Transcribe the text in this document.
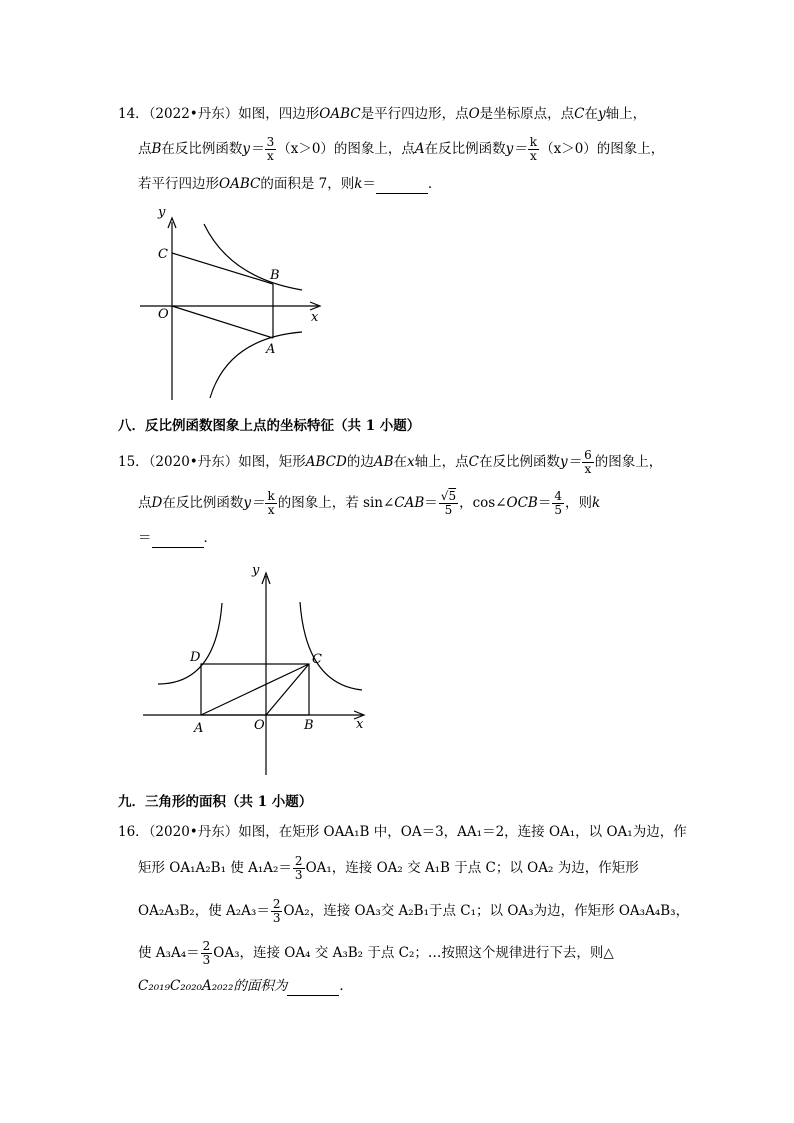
14．（2022•丹东）如图，四边形OABC是平行四边形，点O是坐标原点，点C在y轴上，
点B在反比例函数$y= \frac{3}{x} (x>0)$的图象上，点A在反比例函数$y= \frac{k}{x} (x>0)$的图象上，
若平行四边形OABC的面积是 7，则k＝	．
y
x
C
O
B
A
八．反比例函数图象上点的坐标特征（共 1 小题）
15．（2020•丹东）如图，矩形ABCD的边AB在x轴上，点C在反比例函数$y= \frac{6}{x}$ 的图象上，
点D在反比例函数$y= \frac{k}{x}$ 的图象上，若 sin∠CAB＝ $\frac{√5}{5}$ ，cos∠OCB＝ $\frac{4}{5}$ ，则k
＝	．
y
x
D	C
A	O	B
九．三角形的面积（共 1 小题）
16．（2020•丹东）如图，在矩形 OAA₁B 中，OA＝3，AA₁＝2，连接 OA₁，以 OA₁为边，作
矩形 OA₁A₂B₁ 使 $A_1A_2= \frac{2}{3} OA_1$，连接 OA₂ 交 A₁B 于点 C；以 OA₂ 为边，作矩形
OA₂A₃B₂，使 $A_2A_3= \frac{2}{3} OA_2$，连接 OA₃交 A₂B₁于点 C₁；以 OA₃为边，作矩形 OA₃A₄B₃，
使 $A_3A_4= \frac{2}{3} OA_3$，连接 OA₄ 交 A₃B₂ 于点 C₂；…按照这个规律进行下去，则△
C₂₀₁₉C₂₀₂₀A₂₀₂₂的面积为	．
